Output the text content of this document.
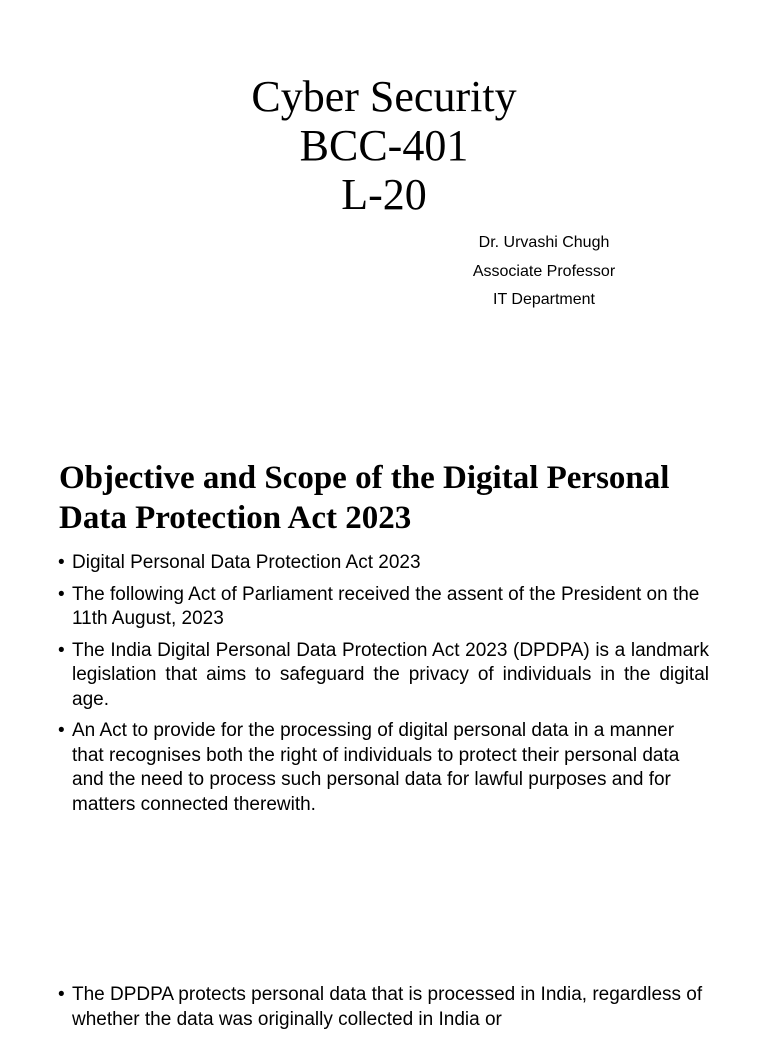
Cyber Security
BCC-401
L-20
Dr. Urvashi Chugh
Associate Professor
IT Department
Objective and Scope of the Digital Personal Data Protection Act 2023
• Digital Personal Data Protection Act 2023
• The following Act of Parliament received the assent of the President on the 11th August, 2023
• The India Digital Personal Data Protection Act 2023 (DPDPA) is a landmark legislation that aims to safeguard the privacy of individuals in the digital age.
• An Act to provide for the processing of digital personal data in a manner that recognises both the right of individuals to protect their personal data and the need to process such personal data for lawful purposes and for matters connected therewith.
• The DPDPA protects personal data that is processed in India, regardless of whether the data was originally collected in India or
